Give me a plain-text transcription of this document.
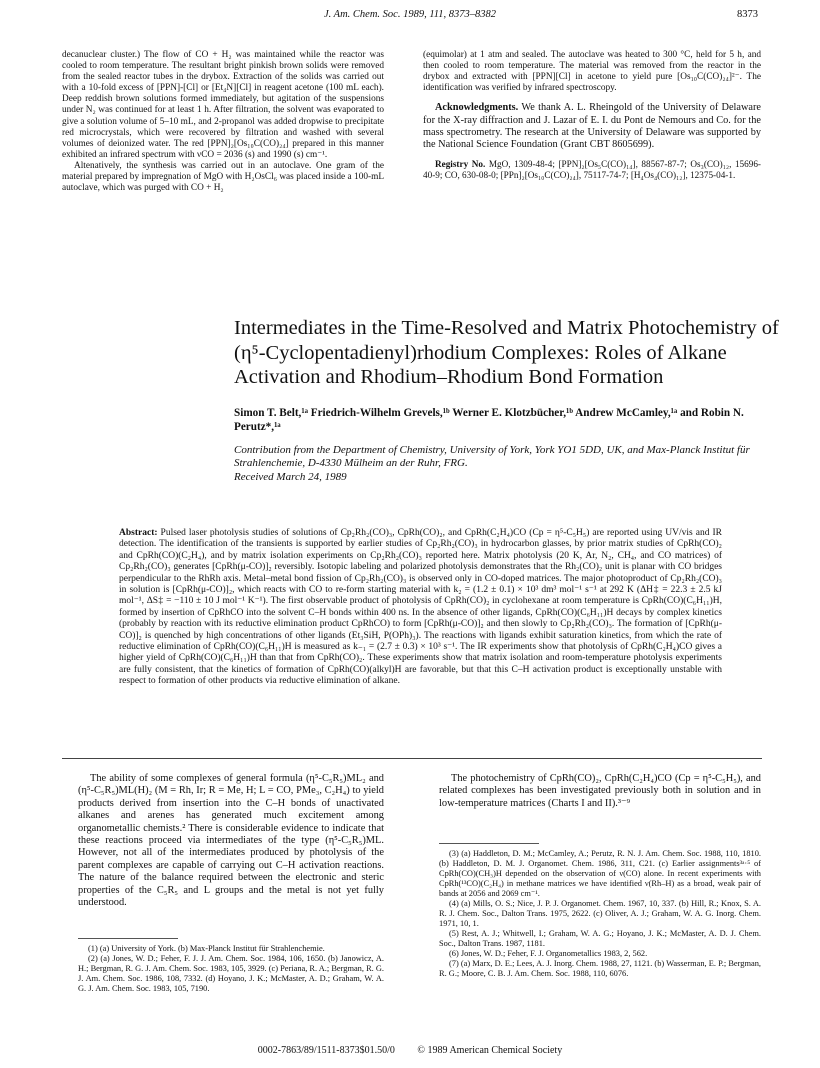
J. Am. Chem. Soc. 1989, 111, 8373–8382	8373

decanuclear cluster.) The flow of CO + H₂ was maintained while the reactor was cooled to room temperature. The resultant bright pinkish brown solids were removed from the sealed reactor tubes in the drybox. Extraction of the solids was carried out with a 10-fold excess of [PPN]-[Cl] or [Et₄N][Cl] in reagent acetone (100 mL each). Deep reddish brown solutions formed immediately, but agitation of the suspensions under N₂ was continued for at least 1 h. After filtration, the solvent was evaporated to give a solution volume of 5–10 mL, and 2-propanol was added dropwise to precipitate red microcrystals, which were recovered by filtration and washed with several volumes of deionized water. The red [PPN]₂[Os₁₀C(CO)₂₄] prepared in this manner exhibited an infrared spectrum with νCO = 2036 (s) and 1990 (s) cm⁻¹.

Altenatively, the synthesis was carried out in an autoclave. One gram of the material prepared by impregnation of MgO with H₂OsCl₆ was placed inside a 100-mL autoclave, which was purged with CO + H₂

(equimolar) at 1 atm and sealed. The autoclave was heated to 300 °C, held for 5 h, and then cooled to room temperature. The material was removed from the reactor in the drybox and extracted with [PPN][Cl] in acetone to yield pure [Os₁₀C(CO)₂₄]²⁻. The identification was verified by infrared spectroscopy.

Acknowledgments. We thank A. L. Rheingold of the University of Delaware for the X-ray diffraction and J. Lazar of E. I. du Pont de Nemours and Co. for the mass spectrometry. The research at the University of Delaware was supported by the National Science Foundation (Grant CBT 8605699).

Registry No. MgO, 1309-48-4; [PPN]₂[Os₅C(CO)₁₄], 88567-87-7; Os₃(CO)₁₂, 15696-40-9; CO, 630-08-0; [PPn]₂[Os₁₀C(CO)₂₄], 75117-74-7; [H₄Os₄(CO)₁₂], 12375-04-1.

Intermediates in the Time-Resolved and Matrix Photochemistry of (η⁵-Cyclopentadienyl)rhodium Complexes: Roles of Alkane Activation and Rhodium–Rhodium Bond Formation
Simon T. Belt,¹ᵃ Friedrich-Wilhelm Grevels,¹ᵇ Werner E. Klotzbücher,¹ᵇ Andrew McCamley,¹ᵃ and Robin N. Perutz*,¹ᵃ
Contribution from the Department of Chemistry, University of York, York YO1 5DD, UK, and Max-Planck Institut für Strahlenchemie, D-4330 Mülheim an der Ruhr, FRG.
Received March 24, 1989
Abstract: Pulsed laser photolysis studies of solutions of Cp₂Rh₂(CO)₃, CpRh(CO)₂, and CpRh(C₂H₄)CO (Cp = η⁵-C₅H₅) are reported using UV/vis and IR detection. The identification of the transients is supported by earlier studies of Cp₂Rh₂(CO)₃ in hydrocarbon glasses, by prior matrix studies of CpRh(CO)₂ and CpRh(CO)(C₂H₄), and by matrix isolation experiments on Cp₂Rh₂(CO)₃ reported here. Matrix photolysis (20 K, Ar, N₂, CH₄, and CO matrices) of Cp₂Rh₂(CO)₃ generates [CpRh(μ-CO)]₂ reversibly. Isotopic labeling and polarized photolysis demonstrates that the Rh₂(CO)₂ unit is planar with CO bridges perpendicular to the RhRh axis. Metal–metal bond fission of Cp₂Rh₂(CO)₃ is observed only in CO-doped matrices. The major photoproduct of Cp₂Rh₂(CO)₃ in solution is [CpRh(μ-CO)]₂, which reacts with CO to re-form starting material with k₂ = (1.2 ± 0.1) × 10³ dm³ mol⁻¹ s⁻¹ at 292 K (ΔH‡ = 22.3 ± 2.5 kJ mol⁻¹, ΔS‡ = −110 ± 10 J mol⁻¹ K⁻¹). The first observable product of photolysis of CpRh(CO)₂ in cyclohexane at room temperature is CpRh(CO)(C₆H₁₁)H, formed by insertion of CpRhCO into the solvent C–H bonds within 400 ns. In the absence of other ligands, CpRh(CO)(C₆H₁₁)H decays by complex kinetics (probably by reaction with its reductive elimination product CpRhCO) to form [CpRh(μ-CO)]₂ and then slowly to Cp₂Rh₂(CO)₃. The formation of [CpRh(μ-CO)]₂ is quenched by high concentrations of other ligands (Et₃SiH, P(OPh)₃). The reactions with ligands exhibit saturation kinetics, from which the rate of reductive elimination of CpRh(CO)(C₆H₁₁)H is measured as k₋₁ = (2.7 ± 0.3) × 10³ s⁻¹. The IR experiments show that photolysis of CpRh(C₂H₄)CO gives a higher yield of CpRh(CO)(C₆H₁₁)H than that from CpRh(CO)₂. These experiments show that matrix isolation and room-temperature photolysis experiments are fully consistent, that the kinetics of formation of CpRh(CO)(alkyl)H are favorable, but that this C–H activation product is exceptionally unstable with respect to formation of other products via reductive elimination of alkane.

The ability of some complexes of general formula (η⁵-C₅R₅)ML₂ and (η⁵-C₅R₅)ML(H)₂ (M = Rh, Ir; R = Me, H; L = CO, PMe₃, C₂H₄) to yield products derived from insertion into the C–H bonds of unactivated alkanes and arenes has generated much excitement among organometallic chemists.² There is considerable evidence to indicate that these reactions proceed via intermediates of the type (η⁵-C₅R₅)ML. However, not all of the intermediates produced by photolysis of the parent complexes are capable of carrying out C–H activation reactions. The nature of the balance required between the electronic and steric properties of the C₅R₅ and L groups and the metal is not yet fully understood.

The photochemistry of CpRh(CO)₂, CpRh(C₂H₄)CO (Cp = η⁵-C₅H₅), and related complexes has been investigated previously both in solution and in low-temperature matrices (Charts I and II).³⁻⁹

(1) (a) University of York. (b) Max-Planck Institut für Strahlenchemie.

(2) (a) Jones, W. D.; Feher, F. J. J. Am. Chem. Soc. 1984, 106, 1650. (b) Janowicz, A. H.; Bergman, R. G. J. Am. Chem. Soc. 1983, 105, 3929. (c) Periana, R. A.; Bergman, R. G. J. Am. Chem. Soc. 1986, 108, 7332. (d) Hoyano, J. K.; McMaster, A. D.; Graham, W. A. G. J. Am. Chem. Soc. 1983, 105, 7190.

(3) (a) Haddleton, D. M.; McCamley, A.; Perutz, R. N. J. Am. Chem. Soc. 1988, 110, 1810. (b) Haddleton, D. M. J. Organomet. Chem. 1986, 311, C21. (c) Earlier assignments³ᵃ·⁵ of CpRh(CO)(CH₃)H depended on the observation of ν(CO) alone. In recent experiments with CpRh(¹³CO)(C₂H₄) in methane matrices we have identified ν(Rh–H) as a broad, weak pair of bands at 2056 and 2069 cm⁻¹.

(4) (a) Mills, O. S.; Nice, J. P. J. Organomet. Chem. 1967, 10, 337. (b) Hill, R.; Knox, S. A. R. J. Chem. Soc., Dalton Trans. 1975, 2622. (c) Oliver, A. J.; Graham, W. A. G. Inorg. Chem. 1971, 10, 1.

(5) Rest, A. J.; Whitwell, I.; Graham, W. A. G.; Hoyano, J. K.; McMaster, A. D. J. Chem. Soc., Dalton Trans. 1987, 1181.

(6) Jones, W. D.; Feher, F. J. Organometallics 1983, 2, 562.

(7) (a) Marx, D. E.; Lees, A. J. Inorg. Chem. 1988, 27, 1121. (b) Wasserman, E. P.; Bergman, R. G.; Moore, C. B. J. Am. Chem. Soc. 1988, 110, 6076.

0002-7863/89/1511-8373$01.50/0 © 1989 American Chemical Society
